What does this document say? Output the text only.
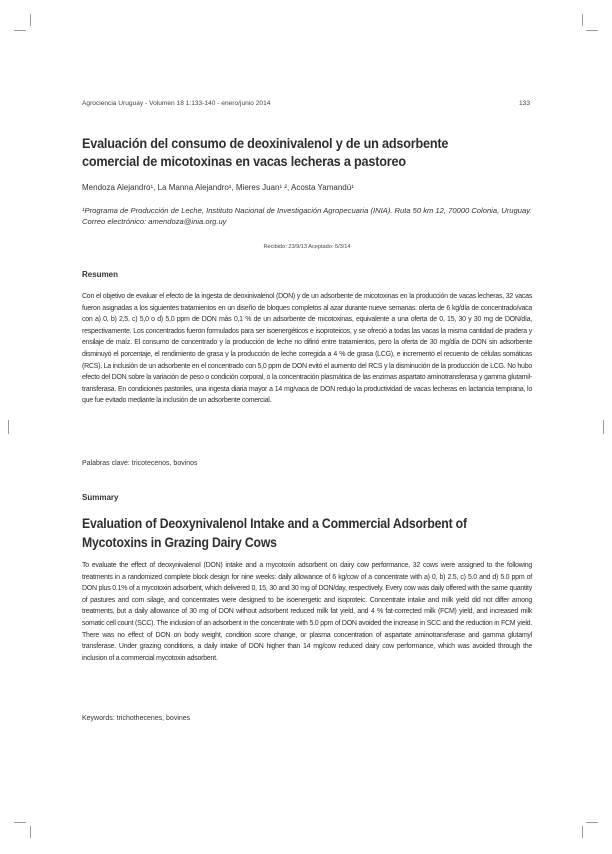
Agrociencia Uruguay - Volumen 18 1:133-140 - enero/junio 2014	133
Evaluación del consumo de deoxinivalenol y de un adsorbente comercial de micotoxinas en vacas lecheras a pastoreo
Mendoza Alejandro¹, La Manna Alejandro¹, Mieres Juan¹ ², Acosta Yamandú¹

¹Programa de Producción de Leche, Instituto Nacional de Investigación Agropecuaria (INIA). Ruta 50 km 12, 70000 Colonia, Uruguay. Correo electrónico: amendoza@inia.org.uy

Recibido: 23/9/13 Aceptado: 5/3/14
Resumen

Con el objetivo de evaluar el efecto de la ingesta de deoxinivalenol (DON) y de un adsorbente de micotoxinas en la producción de vacas lecheras, 32 vacas fueron asignadas a los siguientes tratamientos en un diseño de bloques completos al azar durante nueve semanas: oferta de 6 kg/día de concentrado/vaca con a) 0, b) 2,5, c) 5,0 o d) 5,0 ppm de DON más 0,1 % de un adsorbente de micotoxinas, equivalente a una oferta de 0, 15, 30 y 30 mg de DON/día, respectivamente. Los concentrados fueron formulados para ser isoenergéticos e isoproteicos, y se ofreció a todas las vacas la misma cantidad de pradera y ensilaje de maíz. El consumo de concentrado y la producción de leche no difirió entre tratamientos, pero la oferta de 30 mg/día de DON sin adsorbente disminuyó el porcentaje, el rendimiento de grasa y la producción de leche corregida a 4 % de grasa (LCG), e incrementó el recuento de células somáticas (RCS). La inclusión de un adsorbente en el concentrado con 5,0 ppm de DON evitó el aumento del RCS y la disminución de la producción de LCG. No hubo efecto del DON sobre la variación de peso o condición corporal, o la concentración plasmática de las enzimas aspartato aminotransferasa y gamma glutamil-transferasa. En condiciones pastoriles, una ingesta diaria mayor a 14 mg/vaca de DON redujo la productividad de vacas lecheras en lactancia temprana, lo que fue evitado mediante la inclusión de un adsorbente comercial.

Palabras clave: tricotecenos, bovinos
Summary
Evaluation of Deoxynivalenol Intake and a Commercial Adsorbent of Mycotoxins in Grazing Dairy Cows

To evaluate the effect of deoxynivalenol (DON) intake and a mycotoxin adsorbent on dairy cow performance, 32 cows were assigned to the following treatments in a randomized complete block design for nine weeks: daily allowance of 6 kg/cow of a concentrate with a) 0, b) 2.5, c) 5.0 and d) 5.0 ppm of DON plus 0.1% of a mycotoxin adsorbent, which delivered 0, 15, 30 and 30 mg of DON/day, respectively. Every cow was daily offered with the same quantity of pastures and corn silage, and concentrates were designed to be isoenergetic and isoproteic. Concentrate intake and milk yield did not differ among treatments, but a daily allowance of 30 mg of DON without adsorbent reduced milk fat yield, and 4 % fat-corrected milk (FCM) yield, and increased milk somatic cell count (SCC). The inclusion of an adsorbent in the concentrate with 5.0 ppm of DON avoided the increase in SCC and the reduction in FCM yield. There was no effect of DON on body weight, condition score change, or plasma concentration of aspartate aminotransferase and gamma glutamyl transferase. Under grazing conditions, a daily intake of DON higher than 14 mg/cow reduced dairy cow performance, which was avoided through the inclusion of a commercial mycotoxin adsorbent.

Keywords: trichothecenes, bovines
